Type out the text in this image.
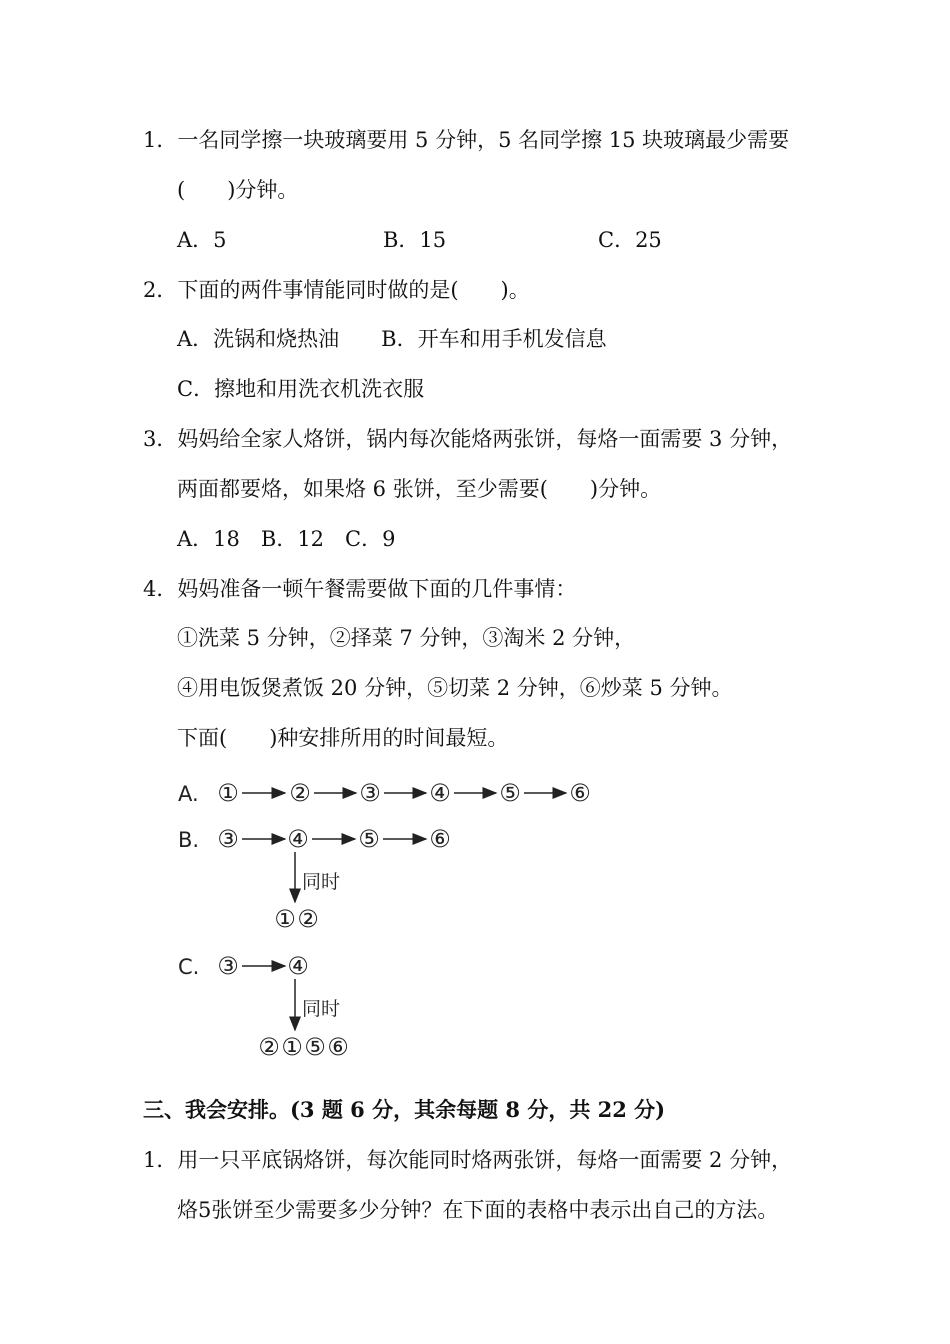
1．一名同学擦一块玻璃要用 5 分钟，5 名同学擦 15 块玻璃最少需要
(　　)分钟。
A．5	B．15	C．25
2．下面的两件事情能同时做的是(　　)。
A．洗锅和烧热油　　B．开车和用手机发信息
C．擦地和用洗衣机洗衣服
3．妈妈给全家人烙饼，锅内每次能烙两张饼，每烙一面需要 3 分钟，
两面都要烙，如果烙 6 张饼，至少需要(　　)分钟。
A．18　B．12　C．9
4．妈妈准备一顿午餐需要做下面的几件事情：
①洗菜 5 分钟，②择菜 7 分钟，③淘米 2 分钟，
④用电饭煲煮饭 20 分钟，⑤切菜 2 分钟，⑥炒菜 5 分钟。
下面(　　)种安排所用的时间最短。
A. ① ② ③ ④ ⑤ ⑥
B. ③ ④ ⑤ ⑥
同时
① ②
C. ③ ④
同时
② ① ⑤ ⑥
三、我会安排。(3 题 6 分，其余每题 8 分，共 22 分)
1．用一只平底锅烙饼，每次能同时烙两张饼，每烙一面需要 2 分钟，
烙5张饼至少需要多少分钟？在下面的表格中表示出自己的方法。
